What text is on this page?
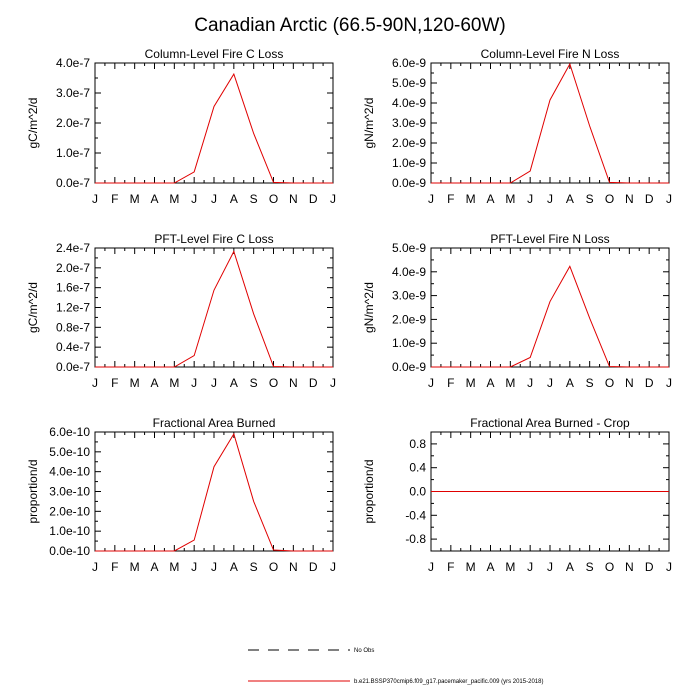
Canadian Arctic (66.5-90N,120-60W)
Column-Level Fire C Loss
gC/m^2/d
J F M A M J J A S O N D J
0.0e-7
1.0e-7
2.0e-7
3.0e-7
4.0e-7
Column-Level Fire N Loss
gN/m^2/d
J F M A M J J A S O N D J
0.0e-9
1.0e-9
2.0e-9
3.0e-9
4.0e-9
5.0e-9
6.0e-9
PFT-Level Fire C Loss
gC/m^2/d
J F M A M J J A S O N D J
0.0e-7
0.4e-7
0.8e-7
1.2e-7
1.6e-7
2.0e-7
2.4e-7
PFT-Level Fire N Loss
gN/m^2/d
J F M A M J J A S O N D J
0.0e-9
1.0e-9
2.0e-9
3.0e-9
4.0e-9
5.0e-9
Fractional Area Burned
proportion/d
J F M A M J J A S O N D J
0.0e-10
1.0e-10
2.0e-10
3.0e-10
4.0e-10
5.0e-10
6.0e-10
Fractional Area Burned - Crop
proportion/d
J F M A M J J A S O N D J
-0.8
-0.4
0.0
0.4
0.8
No Obs
b.e21.BSSP370cmip6.f09_g17.pacemaker_pacific.009 (yrs 2015-2018)
